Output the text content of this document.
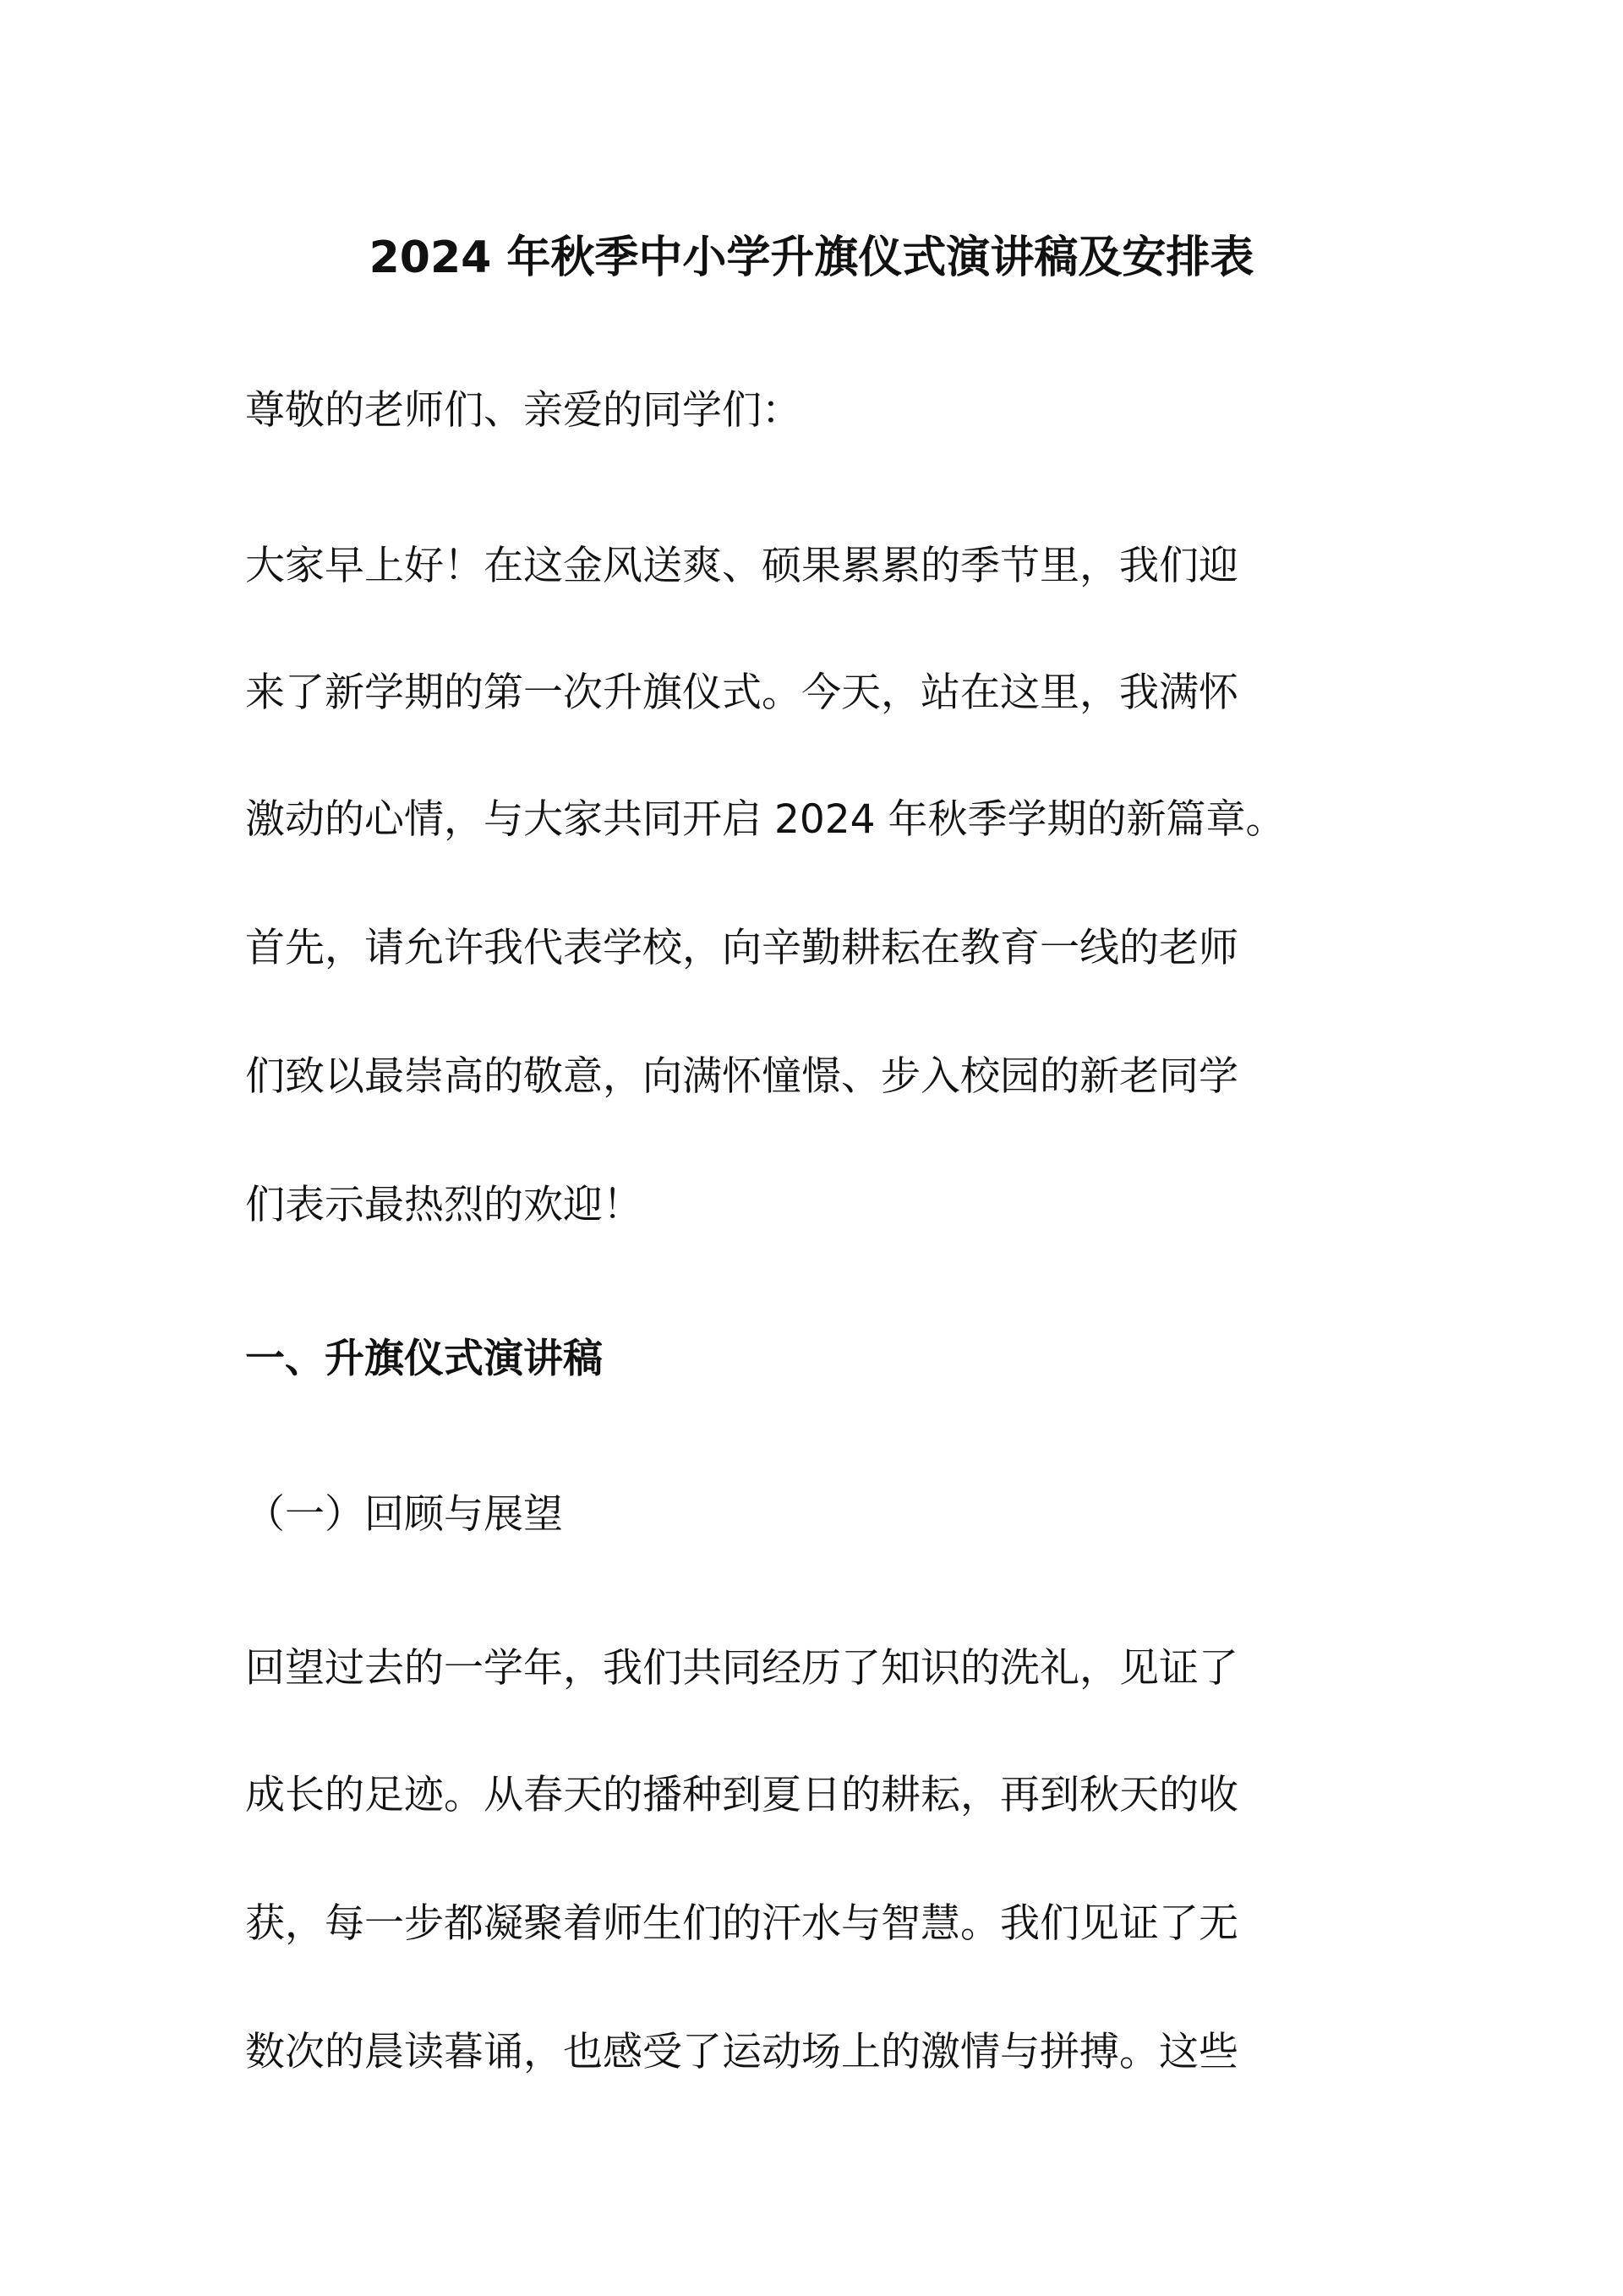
2024 年秋季中小学升旗仪式演讲稿及安排表
尊敬的老师们、亲爱的同学们：
大家早上好！在这金风送爽、硕果累累的季节里，我们迎
来了新学期的第一次升旗仪式。今天，站在这里，我满怀
激动的心情，与大家共同开启 2024 年秋季学期的新篇章。
首先，请允许我代表学校，向辛勤耕耘在教育一线的老师
们致以最崇高的敬意，向满怀憧憬、步入校园的新老同学
们表示最热烈的欢迎！
一、升旗仪式演讲稿
（一）回顾与展望
回望过去的一学年，我们共同经历了知识的洗礼，见证了
成长的足迹。从春天的播种到夏日的耕耘，再到秋天的收
获，每一步都凝聚着师生们的汗水与智慧。我们见证了无
数次的晨读暮诵，也感受了运动场上的激情与拼搏。这些
